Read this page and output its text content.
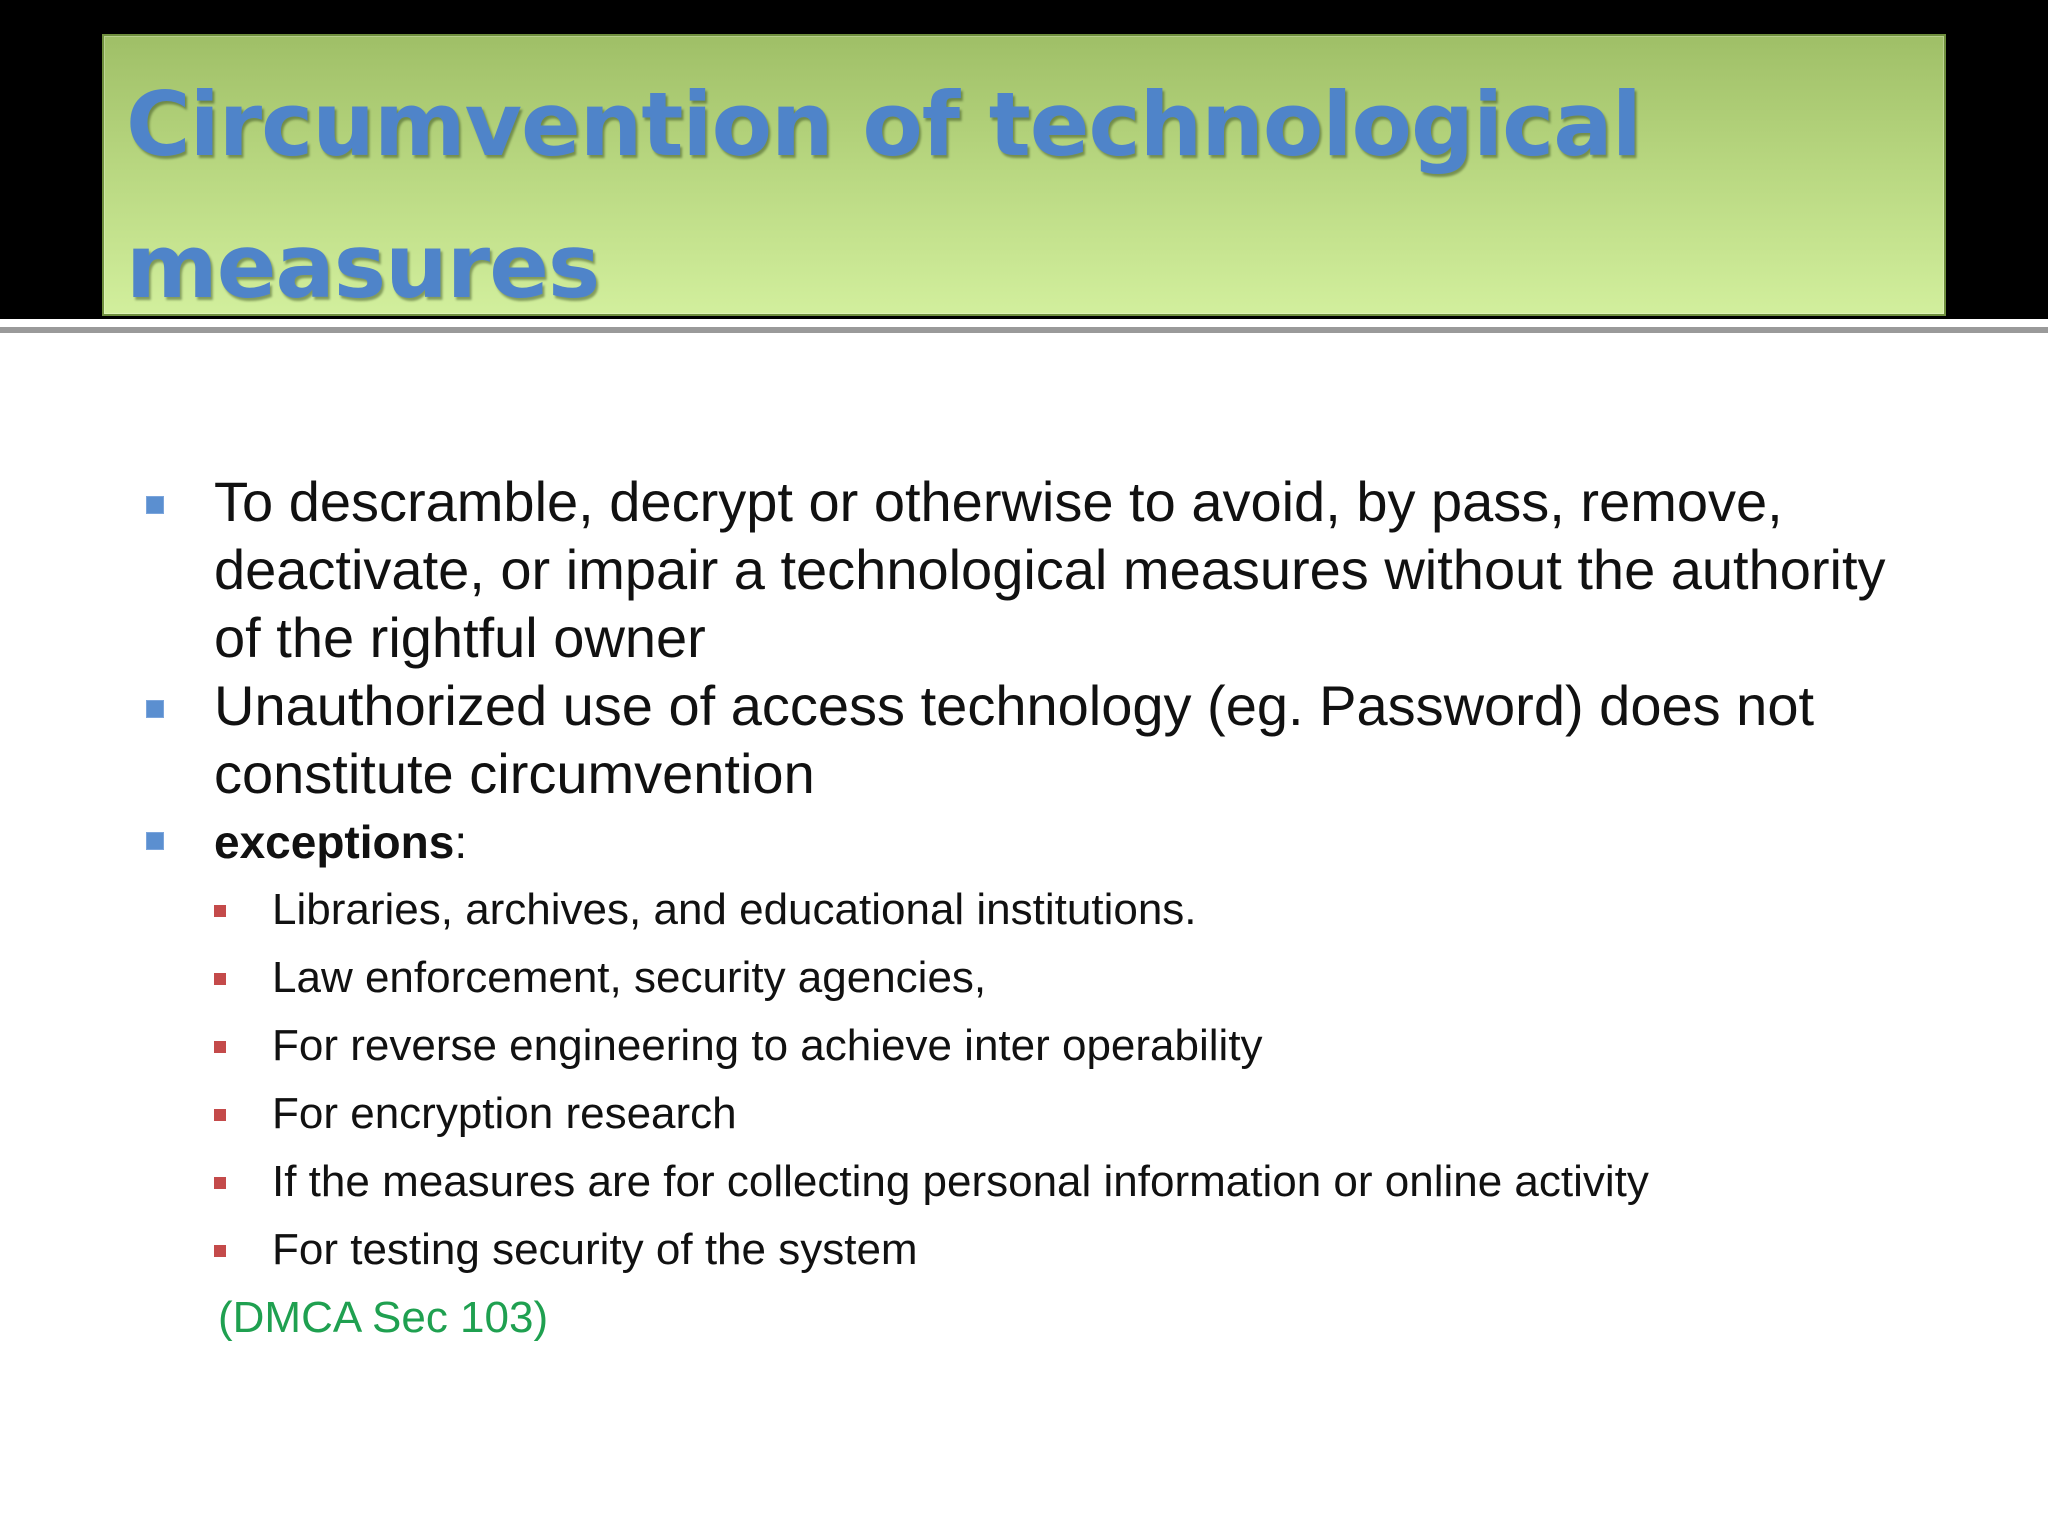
Circumvention of technological measures
To descramble, decrypt or otherwise to avoid, by pass, remove, deactivate, or impair a technological measures without the authority of the rightful owner
Unauthorized use of access technology (eg. Password) does not constitute circumvention
exceptions:
Libraries, archives, and educational institutions.
Law enforcement, security agencies,
For reverse engineering to achieve inter operability
For encryption research
If the measures are for collecting personal information or online activity
For testing security of the system
(DMCA Sec 103)
